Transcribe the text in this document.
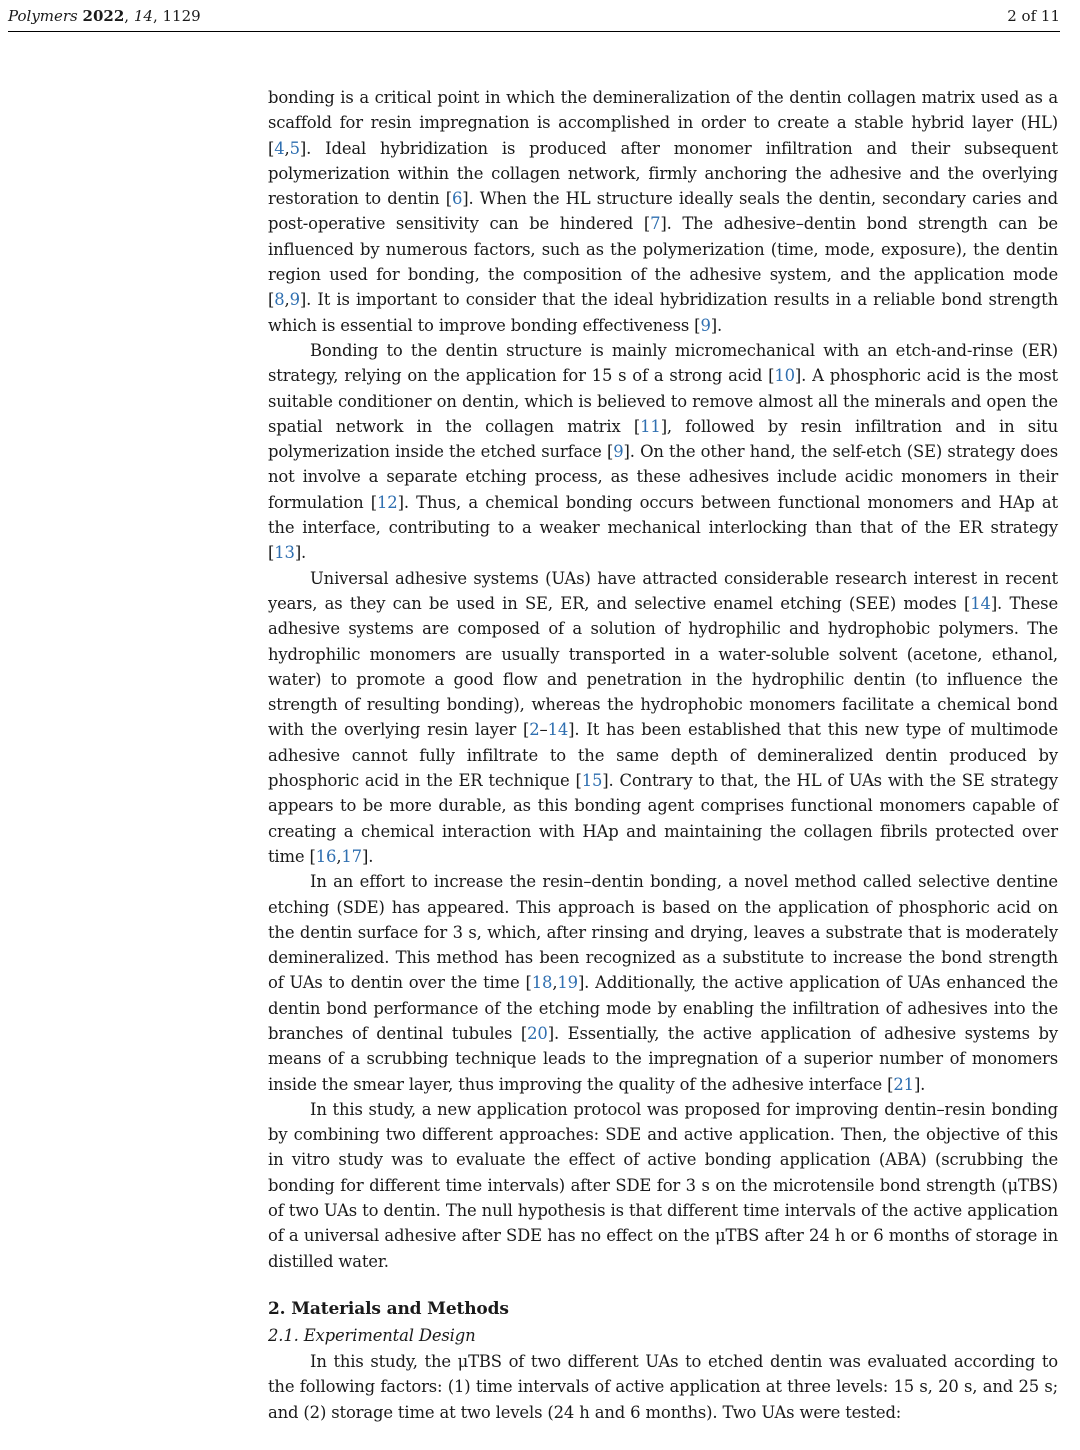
Polymers 2022, 14, 1129	2 of 11

bonding is a critical point in which the demineralization of the dentin collagen matrix used as a scaffold for resin impregnation is accomplished in order to create a stable hybrid layer (HL) [4,5]. Ideal hybridization is produced after monomer infiltration and their subsequent polymerization within the collagen network, firmly anchoring the adhesive and the overlying restoration to dentin [6]. When the HL structure ideally seals the dentin, secondary caries and post-operative sensitivity can be hindered [7]. The adhesive–dentin bond strength can be influenced by numerous factors, such as the polymerization (time, mode, exposure), the dentin region used for bonding, the composition of the adhesive system, and the application mode [8,9]. It is important to consider that the ideal hybridization results in a reliable bond strength which is essential to improve bonding effectiveness [9].

Bonding to the dentin structure is mainly micromechanical with an etch-and-rinse (ER) strategy, relying on the application for 15 s of a strong acid [10]. A phosphoric acid is the most suitable conditioner on dentin, which is believed to remove almost all the minerals and open the spatial network in the collagen matrix [11], followed by resin infiltration and in situ polymerization inside the etched surface [9]. On the other hand, the self-etch (SE) strategy does not involve a separate etching process, as these adhesives include acidic monomers in their formulation [12]. Thus, a chemical bonding occurs between functional monomers and HAp at the interface, contributing to a weaker mechanical interlocking than that of the ER strategy [13].

Universal adhesive systems (UAs) have attracted considerable research interest in recent years, as they can be used in SE, ER, and selective enamel etching (SEE) modes [14]. These adhesive systems are composed of a solution of hydrophilic and hydrophobic polymers. The hydrophilic monomers are usually transported in a water-soluble solvent (acetone, ethanol, water) to promote a good flow and penetration in the hydrophilic dentin (to influence the strength of resulting bonding), whereas the hydrophobic monomers facilitate a chemical bond with the overlying resin layer [2–14]. It has been established that this new type of multimode adhesive cannot fully infiltrate to the same depth of demineralized dentin produced by phosphoric acid in the ER technique [15]. Contrary to that, the HL of UAs with the SE strategy appears to be more durable, as this bonding agent comprises functional monomers capable of creating a chemical interaction with HAp and maintaining the collagen fibrils protected over time [16,17].

In an effort to increase the resin–dentin bonding, a novel method called selective dentine etching (SDE) has appeared. This approach is based on the application of phosphoric acid on the dentin surface for 3 s, which, after rinsing and drying, leaves a substrate that is moderately demineralized. This method has been recognized as a substitute to increase the bond strength of UAs to dentin over the time [18,19]. Additionally, the active application of UAs enhanced the dentin bond performance of the etching mode by enabling the infiltration of adhesives into the branches of dentinal tubules [20]. Essentially, the active application of adhesive systems by means of a scrubbing technique leads to the impregnation of a superior number of monomers inside the smear layer, thus improving the quality of the adhesive interface [21].

In this study, a new application protocol was proposed for improving dentin–resin bonding by combining two different approaches: SDE and active application. Then, the objective of this in vitro study was to evaluate the effect of active bonding application (ABA) (scrubbing the bonding for different time intervals) after SDE for 3 s on the microtensile bond strength (μTBS) of two UAs to dentin. The null hypothesis is that different time intervals of the active application of a universal adhesive after SDE has no effect on the μTBS after 24 h or 6 months of storage in distilled water.

2. Materials and Methods
2.1. Experimental Design

In this study, the μTBS of two different UAs to etched dentin was evaluated according to the following factors: (1) time intervals of active application at three levels: 15 s, 20 s, and 25 s; and (2) storage time at two levels (24 h and 6 months). Two UAs were tested:
